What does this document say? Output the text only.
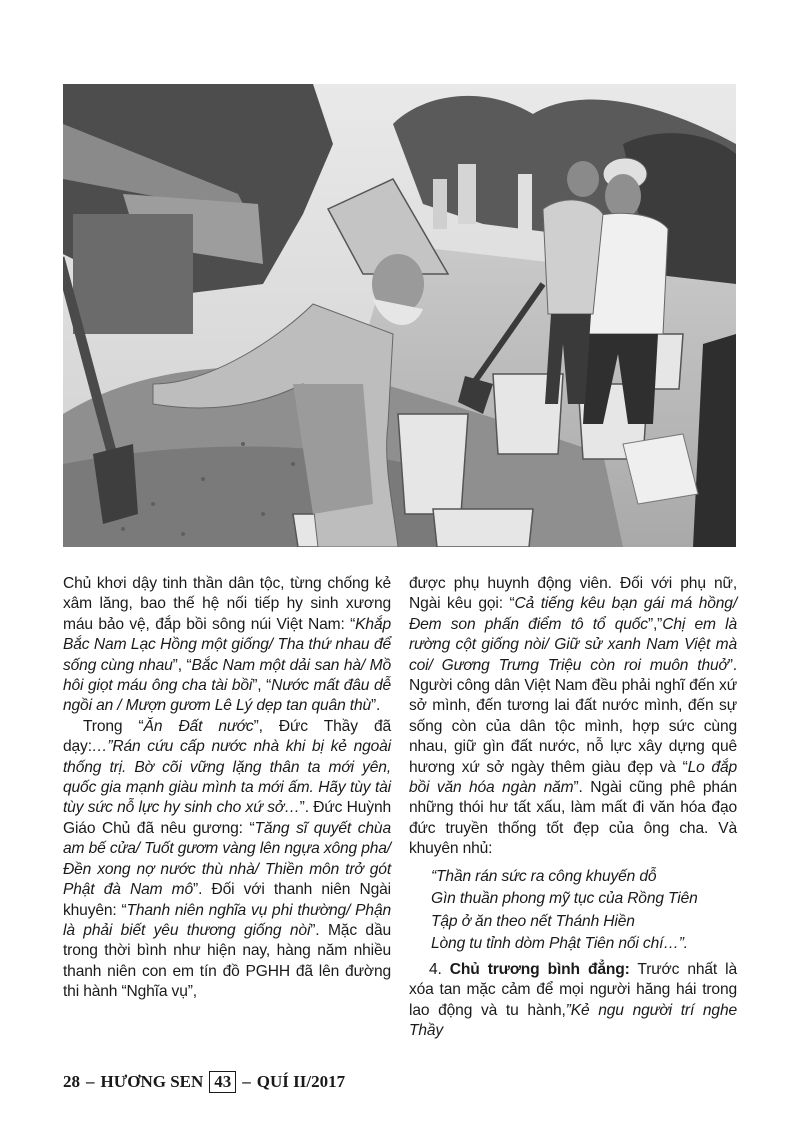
Chủ khơi dậy tinh thần dân tộc, từng chống kẻ xâm lăng, bao thế hệ nối tiếp hy sinh xương máu bảo vệ, đắp bồi sông núi Việt Nam: “Khắp Bắc Nam Lạc Hồng một giống/ Tha thứ nhau để sống cùng nhau”, “Bắc Nam một dải san hà/ Mồ hôi giọt máu ông cha tài bồi”, “Nước mất đâu dễ ngồi an / Mượn gươm Lê Lý dẹp tan quân thù”.

Trong “Ăn Đất nước”, Đức Thầy đã dạy:…”Rán cứu cấp nước nhà khi bị kẻ ngoài thống trị. Bờ cõi vững lặng thân ta mới yên, quốc gia mạnh giàu mình ta mới ấm. Hãy tùy tài tùy sức nỗ lực hy sinh cho xứ sở…”. Đức Huỳnh Giáo Chủ đã nêu gương: “Tăng sĩ quyết chùa am bế cửa/ Tuốt gươm vàng lên ngựa xông pha/ Đền xong nợ nước thù nhà/ Thiền môn trở gót Phật đà Nam mô”. Đối với thanh niên Ngài khuyên: “Thanh niên nghĩa vụ phi thường/ Phận là phải biết yêu thương giống nòi”. Mặc dầu trong thời bình như hiện nay, hàng năm nhiều thanh niên con em tín đồ PGHH đã lên đường thi hành “Nghĩa vụ”,

được phụ huynh động viên. Đối với phụ nữ, Ngài kêu gọi: “Cả tiếng kêu bạn gái má hồng/ Đem son phấn điểm tô tổ quốc”,”Chị em là rường cột giống nòi/ Giữ sử xanh Nam Việt mà coi/ Gương Trưng Triệu còn roi muôn thuở”. Người công dân Việt Nam đều phải nghĩ đến xứ sở mình, đến tương lai đất nước mình, đến sự sống còn của dân tộc mình, hợp sức cùng nhau, giữ gìn đất nước, nỗ lực xây dựng quê hương xứ sở ngày thêm giàu đẹp và “Lo đắp bồi văn hóa ngàn năm”. Ngài cũng phê phán những thói hư tất xấu, làm mất đi văn hóa đạo đức truyền thống tốt đẹp của ông cha. Và khuyên nhủ:

“Thần rán sức ra công khuyến dỗ
Gìn thuần phong mỹ tục của Rồng Tiên
Tập ở ăn theo nết Thánh Hiền
Lòng tu tỉnh dòm Phật Tiên nối chí…”.

4. Chủ trương bình đẳng: Trước nhất là xóa tan mặc cảm để mọi người hăng hái trong lao động và tu hành,”Kẻ ngu người trí nghe Thầy

28 – HƯƠNG SEN 43 – QUÍ II/2017
